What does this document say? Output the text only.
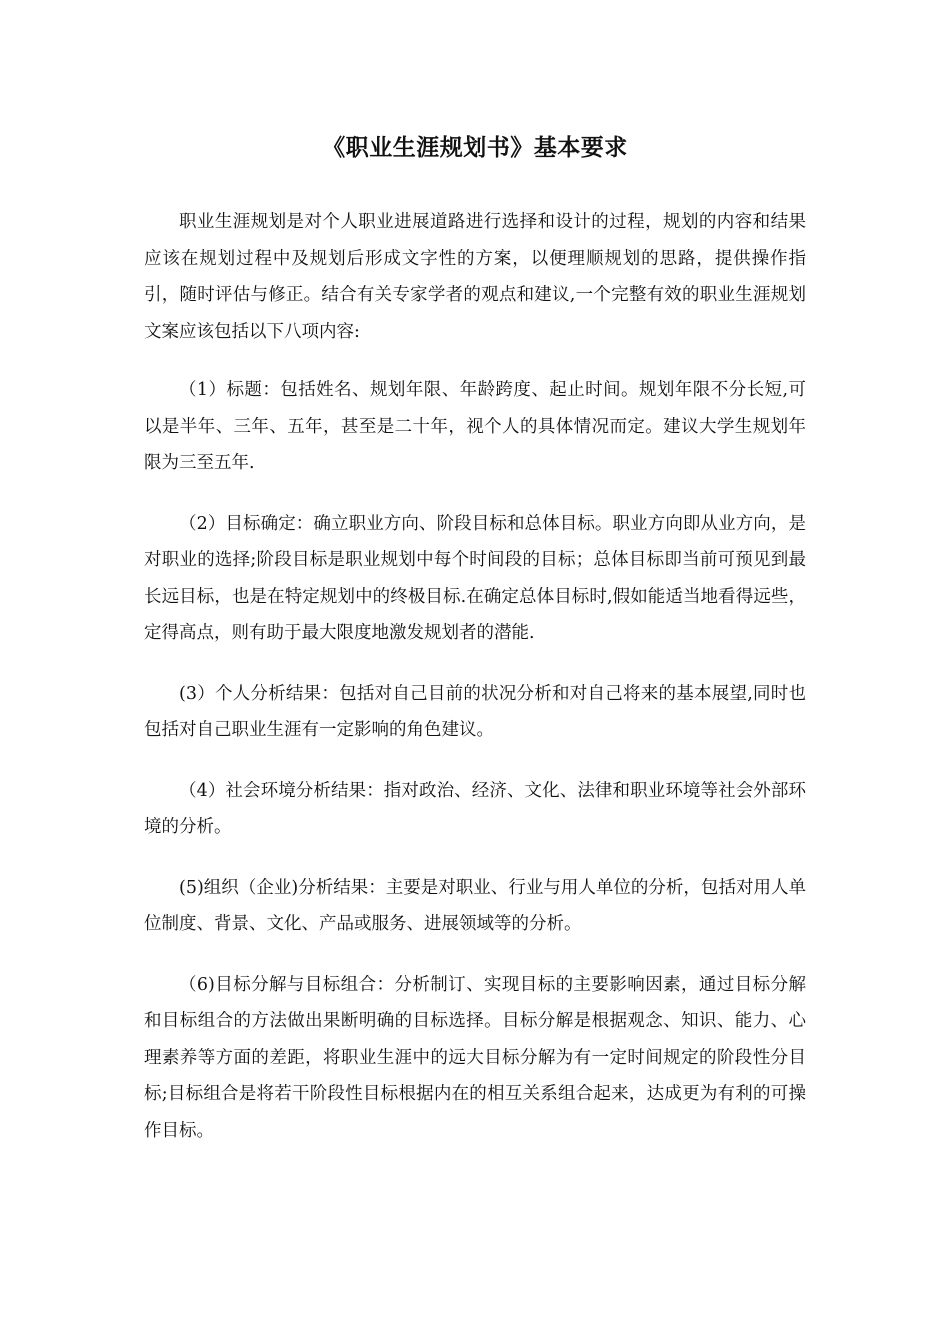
《职业生涯规划书》基本要求

职业生涯规划是对个人职业进展道路进行选择和设计的过程，规划的内容和结果应该在规划过程中及规划后形成文字性的方案，以便理顺规划的思路，提供操作指引，随时评估与修正。结合有关专家学者的观点和建议,一个完整有效的职业生涯规划文案应该包括以下八项内容:

（1）标题：包括姓名、规划年限、年龄跨度、起止时间。规划年限不分长短,可以是半年、三年、五年，甚至是二十年，视个人的具体情况而定。建议大学生规划年限为三至五年.

（2）目标确定：确立职业方向、阶段目标和总体目标。职业方向即从业方向，是对职业的选择;阶段目标是职业规划中每个时间段的目标；总体目标即当前可预见到最长远目标，也是在特定规划中的终极目标.在确定总体目标时,假如能适当地看得远些，定得高点，则有助于最大限度地激发规划者的潜能.

(3）个人分析结果：包括对自己目前的状况分析和对自己将来的基本展望,同时也包括对自己职业生涯有一定影响的角色建议。

（4）社会环境分析结果：指对政治、经济、文化、法律和职业环境等社会外部环境的分析。

(5)组织（企业)分析结果：主要是对职业、行业与用人单位的分析，包括对用人单位制度、背景、文化、产品或服务、进展领域等的分析。

（6)目标分解与目标组合：分析制订、实现目标的主要影响因素，通过目标分解和目标组合的方法做出果断明确的目标选择。目标分解是根据观念、知识、能力、心理素养等方面的差距，将职业生涯中的远大目标分解为有一定时间规定的阶段性分目标;目标组合是将若干阶段性目标根据内在的相互关系组合起来，达成更为有利的可操作目标。
